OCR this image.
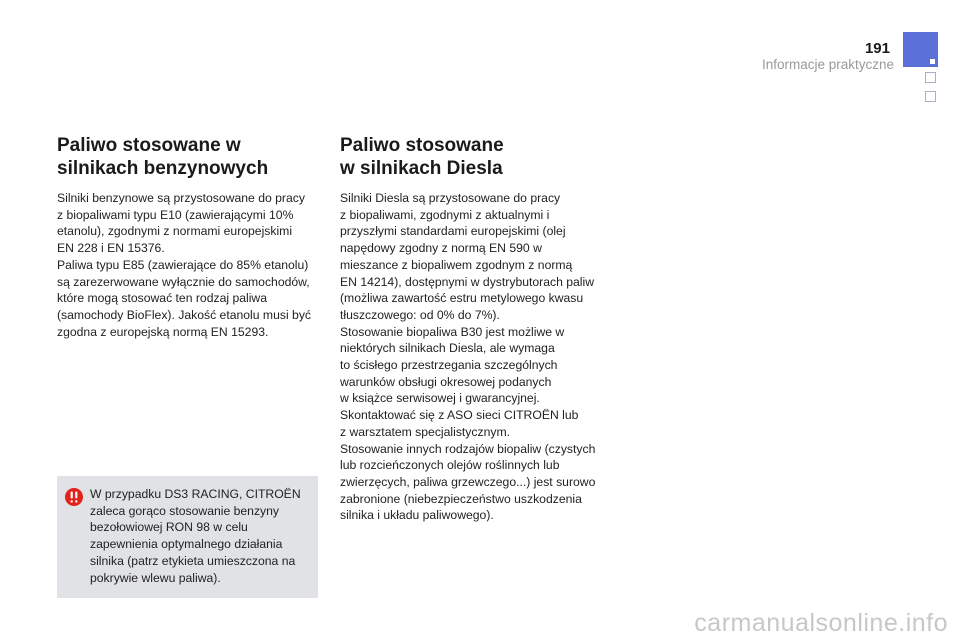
191
Informacje praktyczne
Paliwo stosowane w
silnikach benzynowych
Silniki benzynowe są przystosowane do pracy
z biopaliwami typu E10 (zawierającymi 10%
etanolu), zgodnymi z normami europejskimi
EN 228 i EN 15376.
Paliwa typu E85 (zawierające do 85% etanolu)
są zarezerwowane wyłącznie do samochodów,
które mogą stosować ten rodzaj paliwa
(samochody BioFlex). Jakość etanolu musi być
zgodna z europejską normą EN 15293.
Paliwo stosowane
w silnikach Diesla
Silniki Diesla są przystosowane do pracy
z biopaliwami, zgodnymi z aktualnymi i
przyszłymi standardami europejskimi (olej
napędowy zgodny z normą EN 590 w
mieszance z biopaliwem zgodnym z normą
EN 14214), dostępnymi w dystrybutorach paliw
(możliwa zawartość estru metylowego kwasu
tłuszczowego: od 0% do 7%).
Stosowanie biopaliwa B30 jest możliwe w
niektórych silnikach Diesla, ale wymaga
to ścisłego przestrzegania szczególnych
warunków obsługi okresowej podanych
w książce serwisowej i gwarancyjnej.
Skontaktować się z ASO sieci CITROËN lub
z warsztatem specjalistycznym.
Stosowanie innych rodzajów biopaliw (czystych
lub rozcieńczonych olejów roślinnych lub
zwierzęcych, paliwa grzewczego...) jest surowo
zabronione (niebezpieczeństwo uszkodzenia
silnika i układu paliwowego).
W przypadku DS3 RACING, CITROËN
zaleca gorąco stosowanie benzyny
bezołowiowej RON 98 w celu
zapewnienia optymalnego działania
silnika (patrz etykieta umieszczona na
pokrywie wlewu paliwa).
carmanualsonline.info
